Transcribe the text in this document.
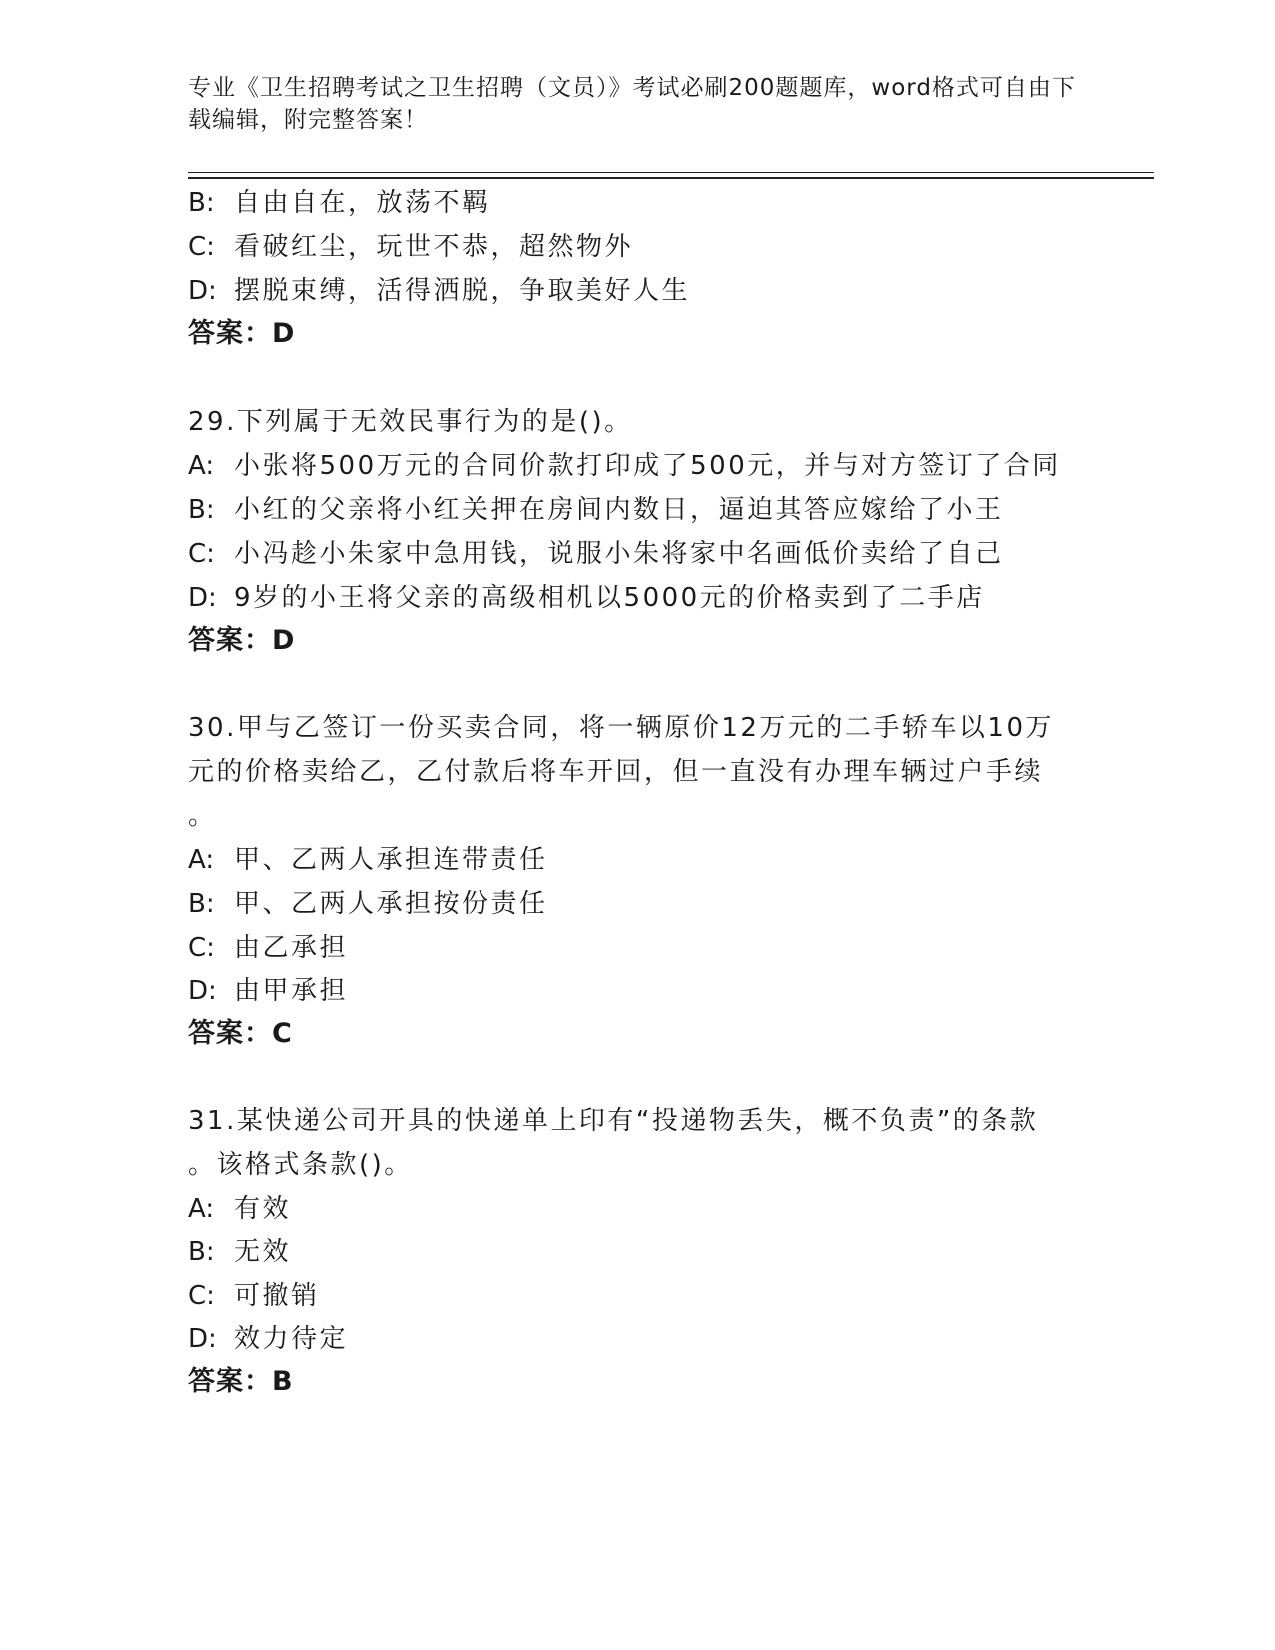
专业《卫生招聘考试之卫生招聘（文员）》考试必刷200题题库，word格式可自由下载编辑，附完整答案！
B: 自由自在，放荡不羁
C: 看破红尘，玩世不恭，超然物外
D: 摆脱束缚，活得洒脱，争取美好人生
答案：D
29.下列属于无效民事行为的是()。
A: 小张将500万元的合同价款打印成了500元，并与对方签订了合同
B: 小红的父亲将小红关押在房间内数日，逼迫其答应嫁给了小王
C: 小冯趁小朱家中急用钱，说服小朱将家中名画低价卖给了自己
D: 9岁的小王将父亲的高级相机以5000元的价格卖到了二手店
答案：D
30.甲与乙签订一份买卖合同，将一辆原价12万元的二手轿车以10万
元的价格卖给乙，乙付款后将车开回，但一直没有办理车辆过户手续
。
A: 甲、乙两人承担连带责任
B: 甲、乙两人承担按份责任
C: 由乙承担
D: 由甲承担
答案：C
31.某快递公司开具的快递单上印有“投递物丢失，概不负责”的条款
。该格式条款()。
A: 有效
B: 无效
C: 可撤销
D: 效力待定
答案：B
